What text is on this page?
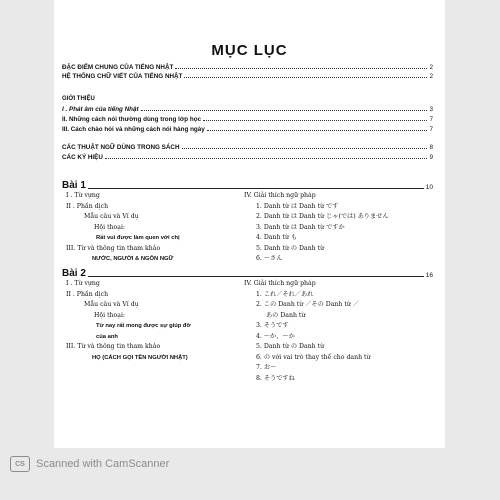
MỤC LỤC
ĐẶC ĐIỂM CHUNG CỦA TIẾNG NHẬT	2
HỆ THỐNG CHỮ VIẾT CỦA TIẾNG NHẬT	2
GIỚI THIỆU
I . Phát âm của tiếng Nhật	3
II. Những cách nói thường dùng trong lớp học	7
III. Cách chào hỏi và những cách nói hàng ngày	7
CÁC THUẬT NGỮ DÙNG TRONG SÁCH	8
CÁC KÝ HIỆU	9
Bài 1	10
I . Từ vựng
II . Phần dịch
Mẫu câu và Ví dụ
Hội thoại:
Rất vui được làm quen với chị
III. Từ và thông tin tham khảo
NƯỚC, NGƯỜI & NGÔN NGỮ
IV. Giải thích ngữ pháp
1. Danh từ は Danh từ です
2. Danh từ は Danh từ じゃ(では) ありません
3. Danh từ は Danh từ ですか
4. Danh từ も
5. Danh từ の Danh từ
6. ～さん
Bài 2	16
I . Từ vựng
II . Phần dịch
Mẫu câu và Ví dụ
Hội thoại:
Từ nay rất mong được sự giúp đỡ
của anh
III. Từ và thông tin tham khảo
HỌ (CÁCH GỌI TÊN NGƯỜI NHẬT)
IV. Giải thích ngữ pháp
1. これ／それ／あれ
2. この Danh từ ／その Danh từ ／
あの Danh từ
3. そうです
4. ～か、～か
5. Danh từ の Danh từ
6. の với vai trò thay thế cho danh từ
7. お～
8. そうですね
CS	Scanned with CamScanner
